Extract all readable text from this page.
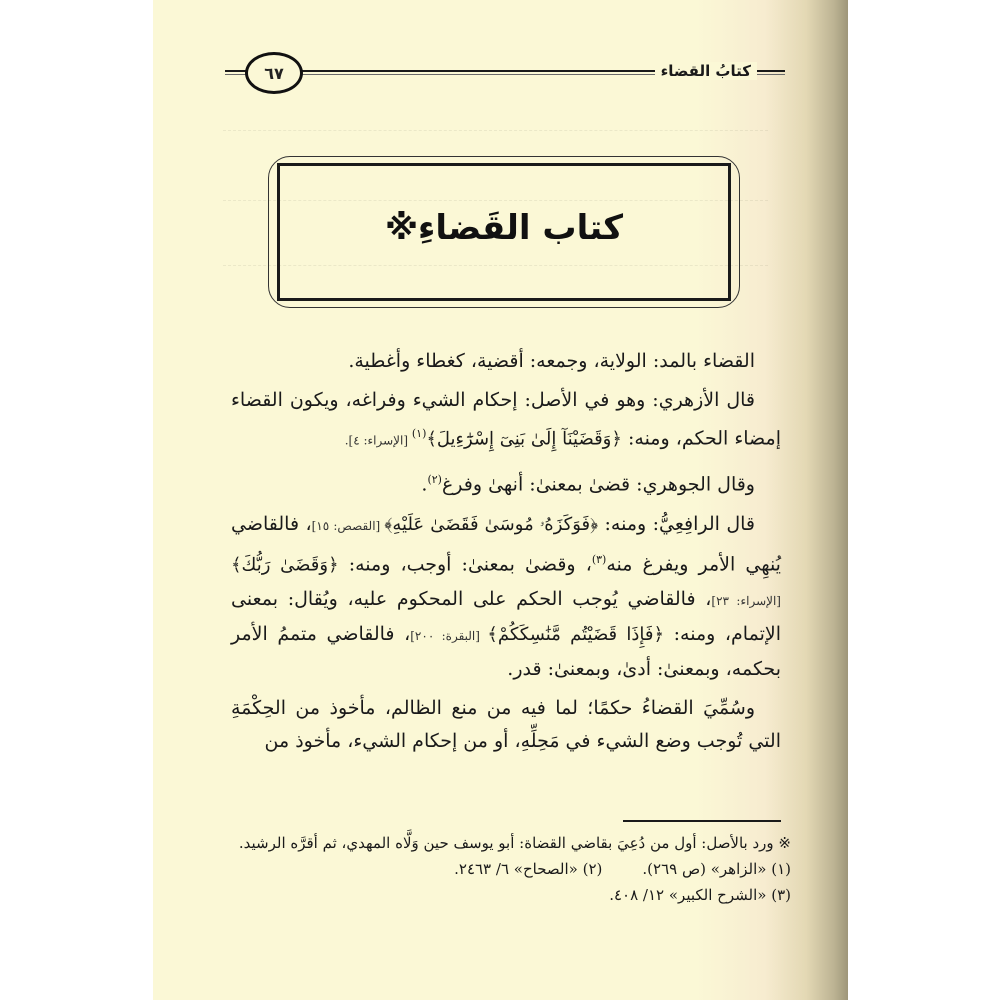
٦٧	كتابُ القضاء
كتاب القَضاءِ※

القضاء بالمد: الولاية، وجمعه: أقضية، كغطاء وأغطية.

قال الأزهري: وهو في الأصل: إحكام الشيء وفراغه، ويكون القضاء إمضاء الحكم، ومنه: ﴿وَقَضَيْنَآ إِلَىٰ بَنِىٓ إِسْرَٰٓءِيلَ﴾$^{(١)}$ [الإسراء: ٤].

وقال الجوهري: قضىٰ بمعنىٰ: أنهىٰ وفرغ$^{(٢)}$.

قال الرافِعِيُّ: ومنه: ﴿فَوَكَزَهُۥ مُوسَىٰ فَقَضَىٰ عَلَيْهِ﴾ [القصص: ١٥]، فالقاضي يُنهِي الأمر ويفرغ منه$^{(٣)}$، وقضىٰ بمعنىٰ: أوجب، ومنه: ﴿وَقَضَىٰ رَبُّكَ﴾ [الإسراء: ٢٣]، فالقاضي يُوجب الحكم على المحكوم عليه، ويُقال: بمعنى الإتمام، ومنه: ﴿فَإِذَا قَضَيْتُم مَّنَٰسِكَكُمْ﴾ [البقرة: ٢٠٠]، فالقاضي متممُ الأمر بحكمه، وبمعنىٰ: أدىٰ، وبمعنىٰ: قدر.

وسُمِّيَ القضاءُ حكمًا؛ لما فيه من منع الظالم، مأخوذ من الحِكْمَةِ التي تُوجب وضع الشيء في مَحِلِّهِ، أو من إحكام الشيء، مأخوذ من

※ ورد بالأصل: أول من دُعِيَ بقاضي القضاة: أبو يوسف حين وَلَّاه المهدي، ثم أقرَّه الرشيد.
(١) «الزاهر» (ص ٢٦٩).
(٢) «الصحاح» ٦/ ٢٤٦٣.
(٣) «الشرح الكبير» ١٢/ ٤٠٨.
